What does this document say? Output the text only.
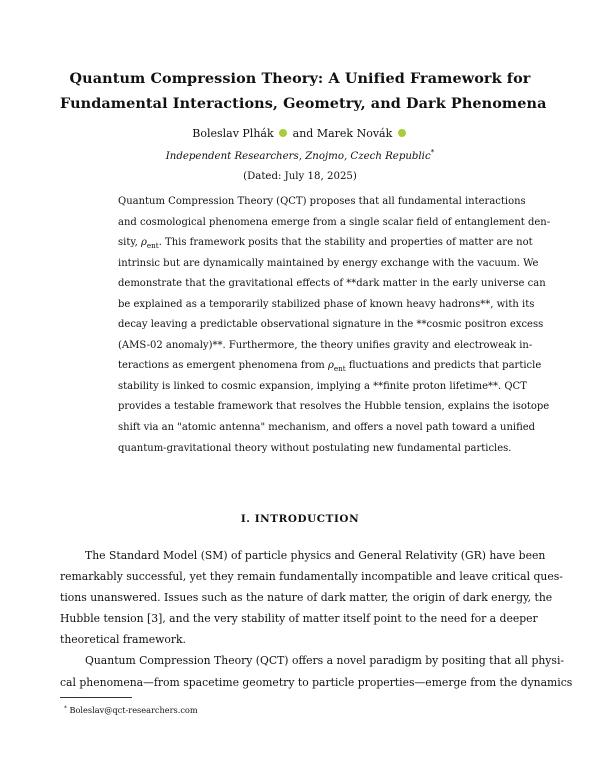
Quantum Compression Theory: A Unified Framework for
Fundamental Interactions, Geometry, and Dark Phenomena
Boleslav Plhák and Marek Novák
Independent Researchers, Znojmo, Czech Republic*
(Dated: July 18, 2025)
Quantum Compression Theory (QCT) proposes that all fundamental interactions
and cosmological phenomena emerge from a single scalar field of entanglement den-
sity, $\rho_{ent}$. This framework posits that the stability and properties of matter are not
intrinsic but are dynamically maintained by energy exchange with the vacuum. We
demonstrate that the gravitational effects of **dark matter in the early universe can
be explained as a temporarily stabilized phase of known heavy hadrons**, with its
decay leaving a predictable observational signature in the **cosmic positron excess
(AMS-02 anomaly)**. Furthermore, the theory unifies gravity and electroweak in-
teractions as emergent phenomena from $\rho_{ent}$ fluctuations and predicts that particle
stability is linked to cosmic expansion, implying a **finite proton lifetime**. QCT
provides a testable framework that resolves the Hubble tension, explains the isotope
shift via an "atomic antenna" mechanism, and offers a novel path toward a unified
quantum-gravitational theory without postulating new fundamental particles.
I. INTRODUCTION
The Standard Model (SM) of particle physics and General Relativity (GR) have been
remarkably successful, yet they remain fundamentally incompatible and leave critical ques-
tions unanswered. Issues such as the nature of dark matter, the origin of dark energy, the
Hubble tension [3], and the very stability of matter itself point to the need for a deeper
theoretical framework.
Quantum Compression Theory (QCT) offers a novel paradigm by positing that all physi-
cal phenomena—from spacetime geometry to particle properties—emerge from the dynamics
* Boleslav@qct-researchers.com
